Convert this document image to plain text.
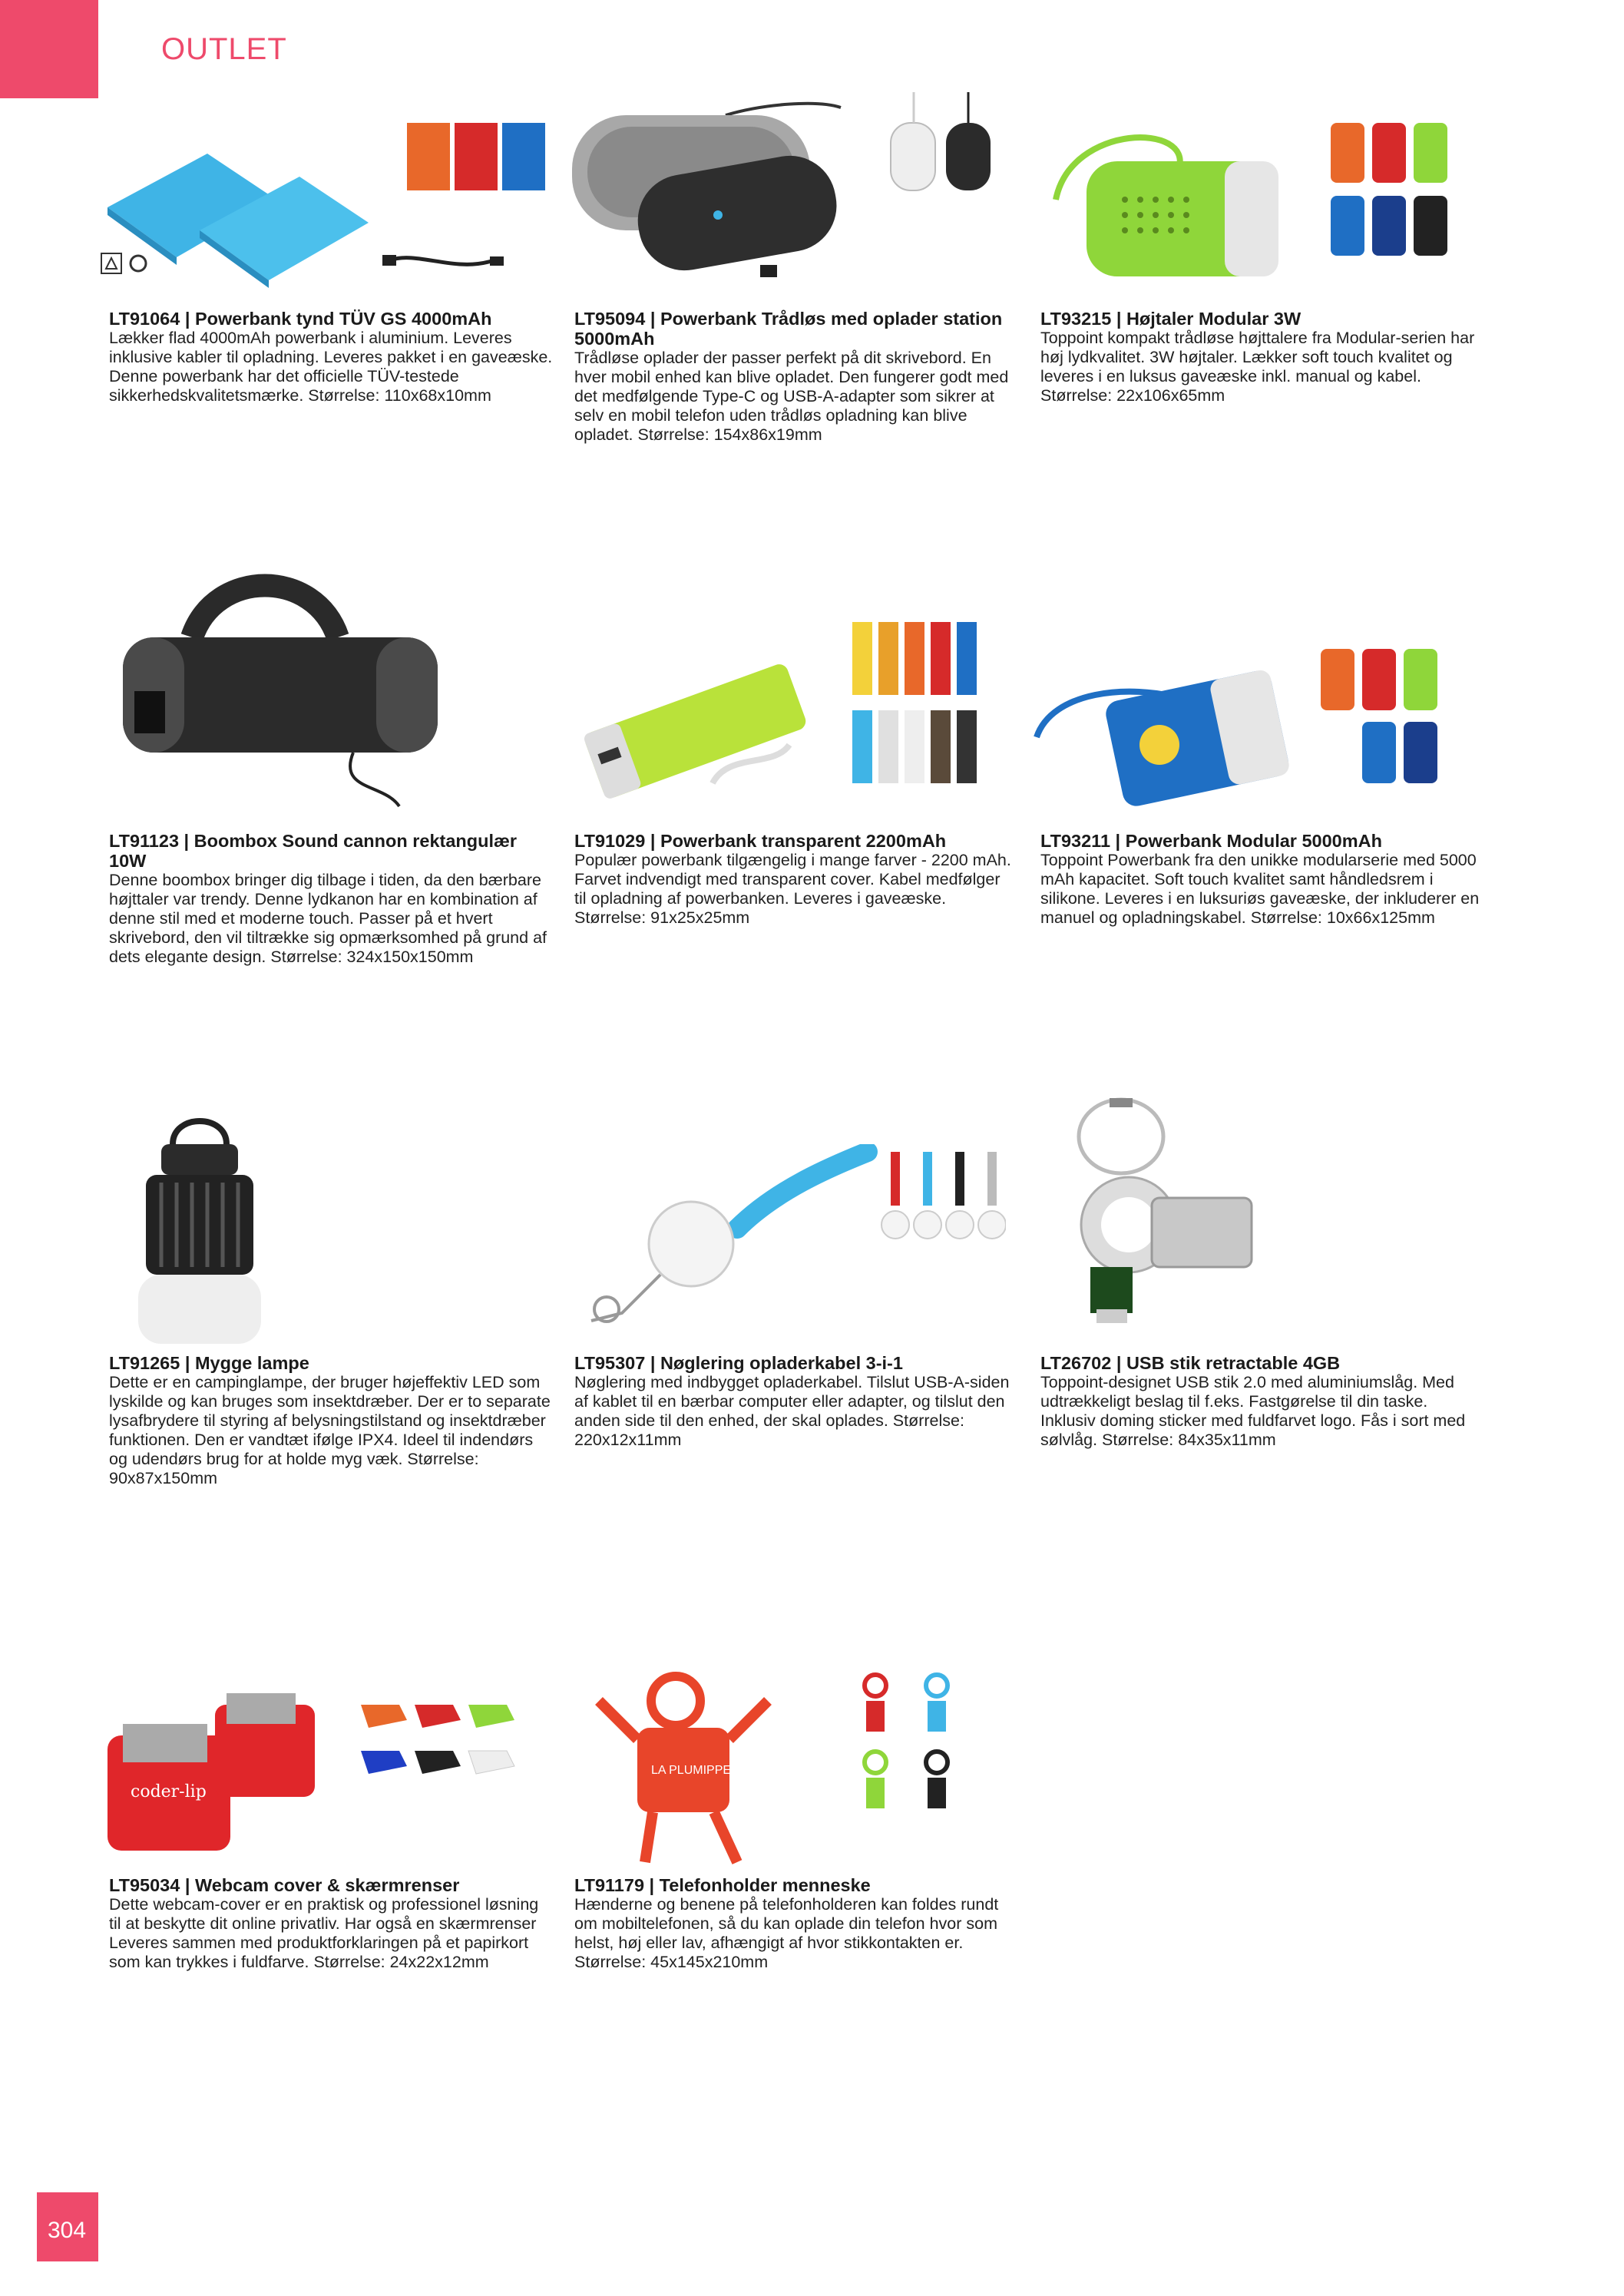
OUTLET

LT91064 | Powerbank tynd TÜV GS 4000mAh

Lækker flad 4000mAh powerbank i aluminium. Leveres inklusive kabler til opladning. Leveres pakket i en gaveæske. Denne powerbank har det officielle TÜV-testede sikkerhedskvalitetsmærke. Størrelse: 110x68x10mm

LT95094 | Powerbank Trådløs med oplader station 5000mAh

Trådløse oplader der passer perfekt på dit skrivebord. En hver mobil enhed kan blive opladet. Den fungerer godt med det medfølgende Type-C og USB-A-adapter som sikrer at selv en mobil telefon uden trådløs opladning kan blive opladet. Størrelse: 154x86x19mm

LT93215 | Højtaler Modular 3W

Toppoint kompakt trådløse højttalere fra Modular-serien har høj lydkvalitet. 3W højtaler. Lækker soft touch kvalitet og leveres i en luksus gaveæske inkl. manual og kabel. Størrelse: 22x106x65mm

LT91123 | Boombox Sound cannon rektangulær 10W

Denne boombox bringer dig tilbage i tiden, da den bærbare højttaler var trendy. Denne lydkanon har en kombination af denne stil med et moderne touch. Passer på et hvert skrivebord, den vil tiltrække sig opmærksomhed på grund af dets elegante design. Størrelse: 324x150x150mm

LT91029 | Powerbank transparent 2200mAh

Populær powerbank tilgængelig i mange farver - 2200 mAh. Farvet indvendigt med transparent cover. Kabel medfølger til opladning af powerbanken. Leveres i gaveæske. Størrelse: 91x25x25mm

LT93211 | Powerbank Modular 5000mAh

Toppoint Powerbank fra den unikke modularserie med 5000 mAh kapacitet. Soft touch kvalitet samt håndledsrem i silikone. Leveres i en luksuriøs gaveæske, der inkluderer en manuel og opladningskabel. Størrelse: 10x66x125mm

LT91265 | Mygge lampe

Dette er en campinglampe, der bruger højeffektiv LED som lyskilde og kan bruges som insektdræber. Der er to separate lysafbrydere til styring af belysningstilstand og insektdræber funktionen. Den er vandtæt ifølge IPX4. Ideel til indendørs og udendørs brug for at holde myg væk. Størrelse: 90x87x150mm

LT95307 | Nøglering opladerkabel 3-i-1

Nøglering med indbygget opladerkabel. Tilslut USB-A-siden af kablet til en bærbar computer eller adapter, og tilslut den anden side til den enhed, der skal oplades. Størrelse: 220x12x11mm

LT26702 | USB stik retractable 4GB

Toppoint-designet USB stik 2.0 med aluminiumslåg. Med udtrækkeligt beslag til f.eks. Fastgørelse til din taske. Inklusiv doming sticker med fuldfarvet logo. Fås i sort med sølvlåg. Størrelse: 84x35x11mm

coder-lip
LA PLUMIPPE

LT95034 | Webcam cover & skærmrenser

Dette webcam-cover er en praktisk og professionel løsning til at beskytte dit online privatliv. Har også en skærmrenser Leveres sammen med produktforklaringen på et papirkort som kan trykkes i fuldfarve. Størrelse: 24x22x12mm

LT91179 | Telefonholder menneske

Hænderne og benene på telefonholderen kan foldes rundt om mobiltelefonen, så du kan oplade din telefon hvor som helst, høj eller lav, afhængigt af hvor stikkontakten er. Størrelse: 45x145x210mm

304
